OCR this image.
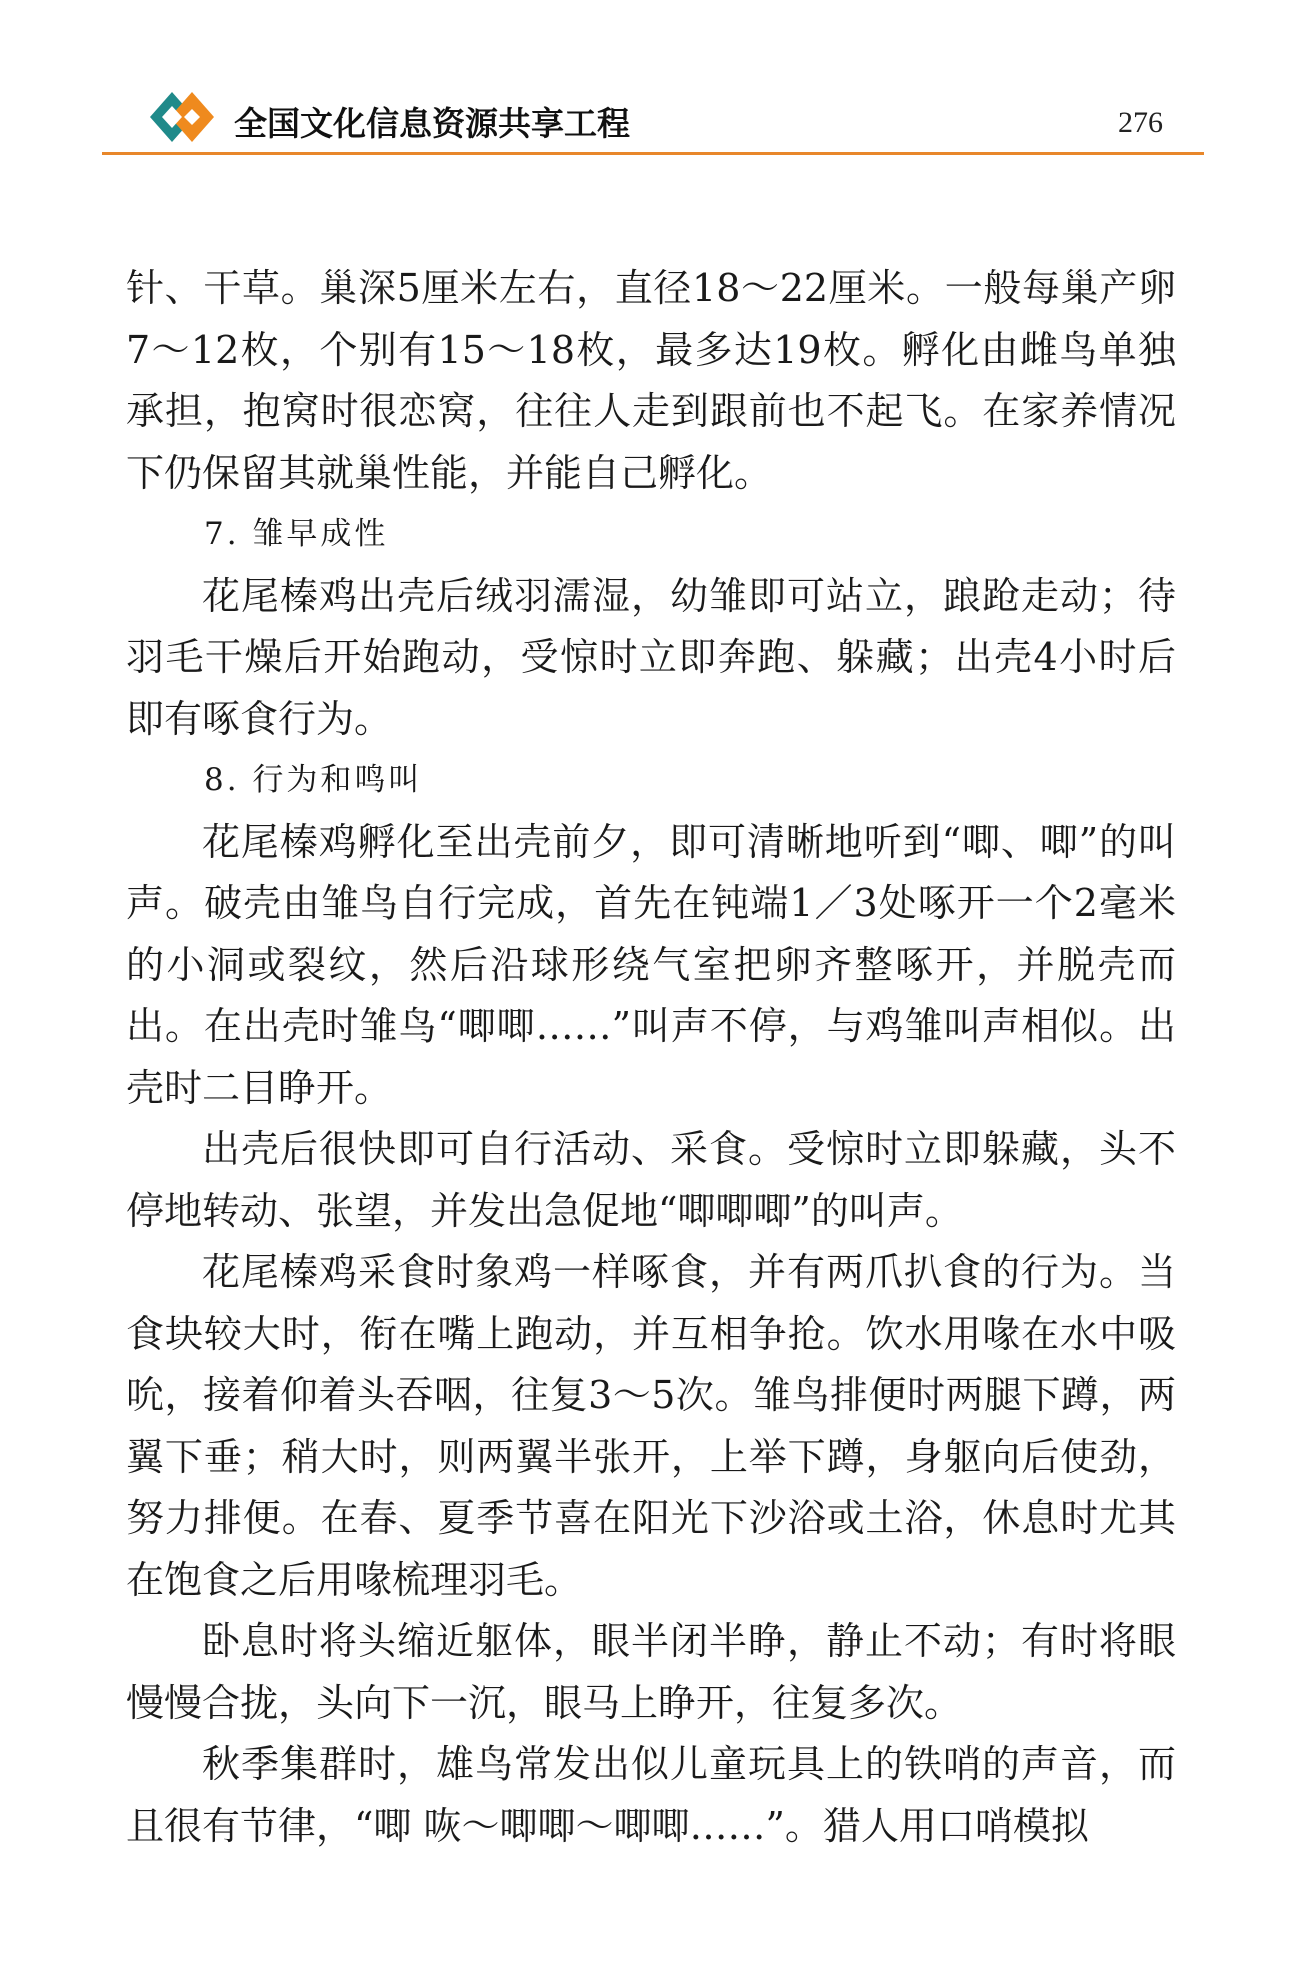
全国文化信息资源共享工程	276

针、干草。巢深5厘米左右，直径18～22厘米。一般每巢产卵7～12枚，个别有15～18枚，最多达19枚。孵化由雌鸟单独承担，抱窝时很恋窝，往往人走到跟前也不起飞。在家养情况下仍保留其就巢性能，并能自己孵化。

7. 雏早成性

花尾榛鸡出壳后绒羽濡湿，幼雏即可站立，踉跄走动；待羽毛干燥后开始跑动，受惊时立即奔跑、躲藏；出壳4小时后即有啄食行为。

8. 行为和鸣叫

花尾榛鸡孵化至出壳前夕，即可清晰地听到“唧、唧”的叫声。破壳由雏鸟自行完成，首先在钝端1／3处啄开一个2毫米的小洞或裂纹，然后沿球形绕气室把卵齐整啄开，并脱壳而出。在出壳时雏鸟“唧唧……”叫声不停，与鸡雏叫声相似。出壳时二目睁开。

出壳后很快即可自行活动、采食。受惊时立即躲藏，头不停地转动、张望，并发出急促地“唧唧唧”的叫声。

花尾榛鸡采食时象鸡一样啄食，并有两爪扒食的行为。当食块较大时，衔在嘴上跑动，并互相争抢。饮水用喙在水中吸吮，接着仰着头吞咽，往复3～5次。雏鸟排便时两腿下蹲，两翼下垂；稍大时，则两翼半张开，上举下蹲，身躯向后使劲，努力排便。在春、夏季节喜在阳光下沙浴或土浴，休息时尤其在饱食之后用喙梳理羽毛。

卧息时将头缩近躯体，眼半闭半睁，静止不动；有时将眼慢慢合拢，头向下一沉，眼马上睁开，往复多次。

秋季集群时，雄鸟常发出似儿童玩具上的铁哨的声音，而且很有节律，“唧 咴～唧唧～唧唧……”。猎人用口哨模拟
